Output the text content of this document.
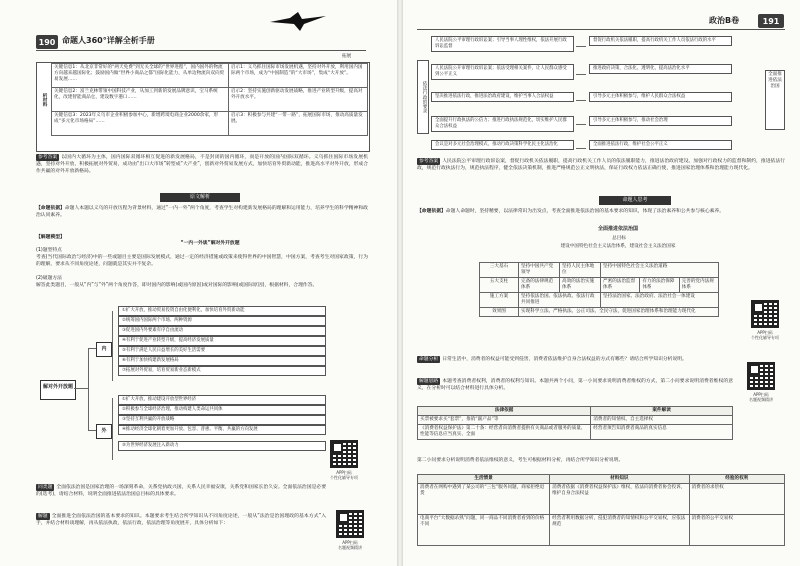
190 命题人360°详解全析手册
拓展
析材料
关键信息1：从北京非常好的“两天免费”到无关全球的“世界进程”，国内国外的物流方向越来越国际化；鼓励国内做“世界小商品之都”国际化能力，从单边物流向双向贸易发展……	启示1：义乌抓住国际市场发展机遇，坚持对外开放，利用国内国际两个市场，成为“中国制造”的“大市场”，集成“大开放”。
关键信息2：富兰克林带领中国科技产业，从加工到新的发展品牌意识，宝马系统化，改建智能商品仓，建设数字港口……	启示2：坚持实施创新驱动发展战略，推进产业转型升级，提高对外开放水平。
关键信息3：2023年义乌市企业积极参加中心，新增跨境电商企业2000余家，形成“多元化市场格局”……	启示3：积极参与共建“一带一路”，拓展国际市场，推动高质量发展。
参考答案 以国内大循环为主体，国内国际双循环相互促进的新发展格局，不是封闭的国内循环，而是开放的国内国际双循环。义乌抓住国际市场发展机遇，坚持对外开放，积极拓展对外贸易，成功由“出口大市场”转型成“大产业”，创新对外贸易发展方式，加快培育外贸新动能，推进高水平对外开放，形成合作共赢的对外开放新格局。
原文解析
【命题依据】命题人本题以义乌的开放历程为背景材料，通过“一内一外”两个角度，考查学生对构建新发展格局的理解和运用能力，培养学生的科学精神和政治认同素养。
【解题模型】
“一内一外谈”解对外开放题
(1)题型特点
考查(当代国际政治与经济)中的一些或题目主要是国际发展模式，通过一定的经济措施或政策来使得世界的中国智慧，中国方案，考查考生对国家政策，行为的理解，要求从不同角度论述，问题就是其实并不复杂。
(2)破题方法
解答此类题目，一般从“内”与“外”两个角度作答，即对国内的影响(或国内原因)或对国际的影响(或国际原因)，根据材料，合理作答。
解对外开放题
内
外
①扩大开放，推动贸易投资自由化便利化，加快培育外贸新动能
②统筹国内国际两个市场、两种资源
③促进国内外要素有序自由流动
④有利于促进产业转型升级，提高经济发展质量
⑤有利于满足人民日益增长的美好生活需要
⑥有利于加快构建新发展格局
⑦拓展对外贸易，培育贸易新业态新模式
①扩大开放，推动建设开放型世界经济
②积极参与全球经济治理，推动构建人类命运共同体
③坚持互利共赢的开放战略
④推动经济全球化朝着更加开放、包容、普惠、平衡、共赢的方向发展
⑤为世界经济发展注入新动力
APP扫码
个性化辅导专项
同类题 全面依法治国是国家治理的一场深刻革命，关系党执政兴国，关系人民幸福安康，关系党和国家长治久安。全面依法治国是必要的(选考)，请结合材料，说明全面推进依法治国总目标的具体要求。
解题 全面推进全面依法治国的基本要求的知识。本题要求考生结合所学知识从不同角度论述，一般从“法治是治国理政的基本方式”入手，并结合材料谈理解，再从依法执政，依法行政，依法治理等角度展开，具体分析如下：
APP扫码
名题视频精讲
政治B卷	191
依法行政的要求
人民法院公平审理行政诉讼案；引导当事人理性维权，依法开展行政诉讼监督
人民法院公开审理行政诉讼案；依法受理相关案件，让人民群众感受到公平正义
坚决推进依法行政，推进法治政府建设，维护当事人合法权益
全面提升行政执法的公信力；推进行政执法规范化，切实维护人民群众合法权益
会议是对多元社会治理模式，推动行政决策科学化民主化法治化
督促行政机关依法履职，提高行政机关工作人员依法行政的水平
推进政府决策，合法化、透明化，提高法治化水平
引导多元主体积极参与，维护人民群众合法权益
引导多元主体积极参与，推动社会治理
全面推进依法行政，维护社会公平正义
全面推进依法治国
参考答案 人民法院公平审理行政诉讼案，督促行政机关依法履职，提高行政机关工作人员的依法履职能力，推进法治政府建设。加强对行政权力的监督和制约，推进依法行政，规范行政执法行为，规范执法程序，健全依法决策机制，推进严格规范公正文明执法，保证行政权力依法正确行使，推进国家治理体系和治理能力现代化。
命题人思考
【命题依据】命题人命题时，坚持精要，以法律常识为出发点，考查全面推进依法治国的基本要求的知识，体现了法治素养和公共参与核心素养。
全面推进依法治国
总目标
建设中国特色社会主义法治体系，建设社会主义法治国家
三大基石	坚持中国共产党领导	坚持人民主体地位	坚持中国特色社会主义法治道路		
五大支柱	完备的法律规范体系	高效的法治实施体系	严密的法治监督体系	有力的法治保障体系	完善的党内法规体系
施工方案	坚持依法治国、依法执政、依法行政共同推进		坚持法治国家、法治政府、法治社会一体建设		
效果图	实现科学立法、严格执法、公正司法、全民守法，促进国家治理体系和治理能力现代化				
APP扫码
个性化辅导专项
命题分析 日常生活中，消费者的权益可能受到侵害，消费者依法维护自身合法权益的方式有哪些？请结合所学知识分析说明。
解题思路 本题考查消费者权利，消费者的权利与知识。本题共两个小问，第一小问要求说明消费者维权的方式，第二小问要求说明消费者维权的意义，在分析时可以结合材料进行具体分析。
APP扫码
名题视频精讲
法律依据	案件解读
买票被要求买“套票”，推销“副产品”等	消费者的知情权、自主选择权
《消费者权益保护法》第二十条：经营者向消费者提供有关商品或者服务的质量、性能等信息应当真实、全面	经营者须告知消费者商品的真实信息
第二小问要求分析说明消费者依法维权的意义，考生可根据材料分析，再结合所学知识分析说明。
生活情景	材料知识	经验的权利
消费者在网购中遇到了某公司的“三包”服务问题，商家拒绝退货	消费者依据《消费者权益保护法》维权，依法向消费者协会投诉，维护自身合法权益	消费者的求偿权
电商平台“大数据杀熟”问题，同一商品不同消费者看到的价格不同	经营者利用数据分析，侵犯消费者的知情权和公平交易权，应依法规范	消费者的公平交易权
